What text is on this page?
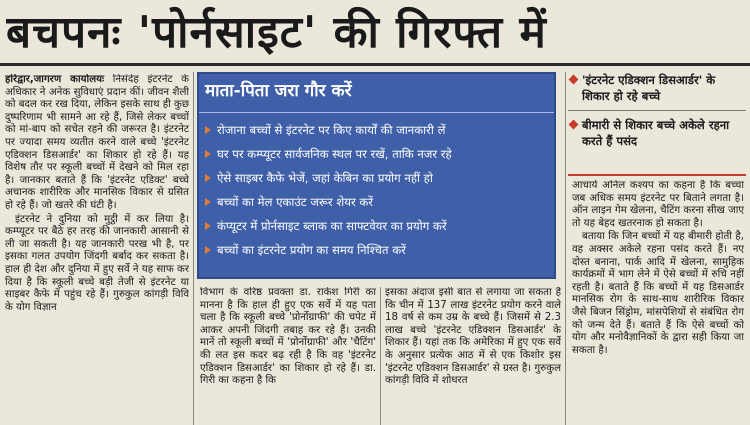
बचपनः 'पोर्नसाइट' की गिरफ्त में

हरिद्वार,जागरण कार्यालयः निसंदेह इंटरनेट के अधिकार ने अनेक सुविधाएं प्रदान कीं। जीवन शैली को बदल कर रख दिया, लेकिन इसके साथ ही कुछ दुष्परिणाम भी सामने आ रहे हैं, जिसे लेकर बच्चों को मां-बाप को सचेत रहने की जरूरत है। इंटरनेट पर ज्यादा समय व्यतीत करने वाले बच्चे 'इंटरनेट एडिक्शन डिसआर्डर' का शिकार हो रहे हैं। यह विशेष तौर पर स्कूली बच्चों में देखने को मिल रहा है। जानकार बताते हैं कि 'इंटरनेट एडिक्ट' बच्चे अचानक शारीरिक और मानसिक विकार से ग्रसित हो रहे हैं। जो खतरे की घंटी है।

इंटरनेट ने दुनिया को मुट्ठी में कर लिया है। कम्प्यूटर पर बैठे हर तरह की जानकारी आसानी से ली जा सकती है। यह जानकारी परख भी है, पर इसका गलत उपयोग जिंदगी बर्बाद कर सकता है। हाल ही देश और दुनिया में हुए सर्वे ने यह साफ कर दिया है कि स्कूली बच्चे बड़ी तेजी से इंटरनेट या साइबर कैफे में पहुंच रहे हैं। गुरुकुल कांगड़ी विवि के योग विज्ञान

माता-पिता जरा गौर करें
रोजाना बच्चों से इंटरनेट पर किए कार्यों की जानकारी लें
घर पर कम्प्यूटर सार्वजनिक स्थल पर रखें, ताकि नजर रहे
ऐसे साइबर कैफे भेजें, जहां केबिन का प्रयोग नहीं हो
बच्चों का मेल एकाउंट जरूर शेयर करें
कंप्यूटर में प्रोर्नसाइट ब्लाक का साफ्टवेयर का प्रयोग करें
बच्चों का इंटरनेट प्रयोग का समय निश्चित करें
विभाग के वरिष्ठ प्रवक्ता डा. राकेश गिरी का मानना है कि हाल ही हुए एक सर्वे में यह पता चला है कि स्कूली बच्चे 'प्रोर्नोग्राफी' की चपेट में आकर अपनी जिंदगी तबाह कर रहे हैं। उनकी मानें तो स्कूली बच्चों में 'प्रोर्नोग्राफी' और 'चैटिंग' की लत इस कदर बढ़ रही है कि वह 'इंटरनेट एडिक्शन डिसआर्डर' का शिकार हो रहे हैं। डा. गिरी का कहना है कि
इसका अंदाज इसी बात से लगाया जा सकता है कि चीन में 137 लाख इंटरनेट प्रयोग करने वाले 18 वर्ष से कम उम्र के बच्चे हैं। जिसमें से 2.3 लाख बच्चे 'इंटरनेट एडिक्शन डिसआर्डर' के शिकार हैं। यहां तक कि अमेरिका में हुए एक सर्वे के अनुसार प्रत्येक आठ में से एक किशोर इस 'इंटरनेट एडिक्शन डिसआर्डर' से ग्रस्त है। गुरुकुल कांगड़ी विवि में शोधरत
'इंटरनेट एडिक्शन डिसआर्डर' के शिकार हो रहे बच्चे
बीमारी से शिकार बच्चे अकेले रहना करते हैं पसंद

आचार्य अनिल कश्यप का कहना है कि बच्चा जब अधिक समय इंटरनेट पर बिताने लगता है। ऑन लाइन गेम खेलना, चैटिंग करना सीख जाए तो यह बेहद खतरनाक हो सकता है।

बताया कि जिन बच्चों में यह बीमारी होती है, वह अक्सर अकेले रहना पसंद करते हैं। नए दोस्त बनाना, पार्क आदि में खेलना, सामुहिक कार्यक्रमों में भाग लेने में ऐसे बच्चों में रुचि नहीं रहती है। बताते हैं कि बच्चों में यह डिसआर्डर मानसिक रोग के साथ-साथ शारीरिक विकार जैसे बिजन सिंड्रोम, मांसपेशियों से संबंधित रोग को जन्म देते हैं। बताते हैं कि ऐसे बच्चों को योग और मनोवैज्ञानिकों के द्वारा सही किया जा सकता है।
